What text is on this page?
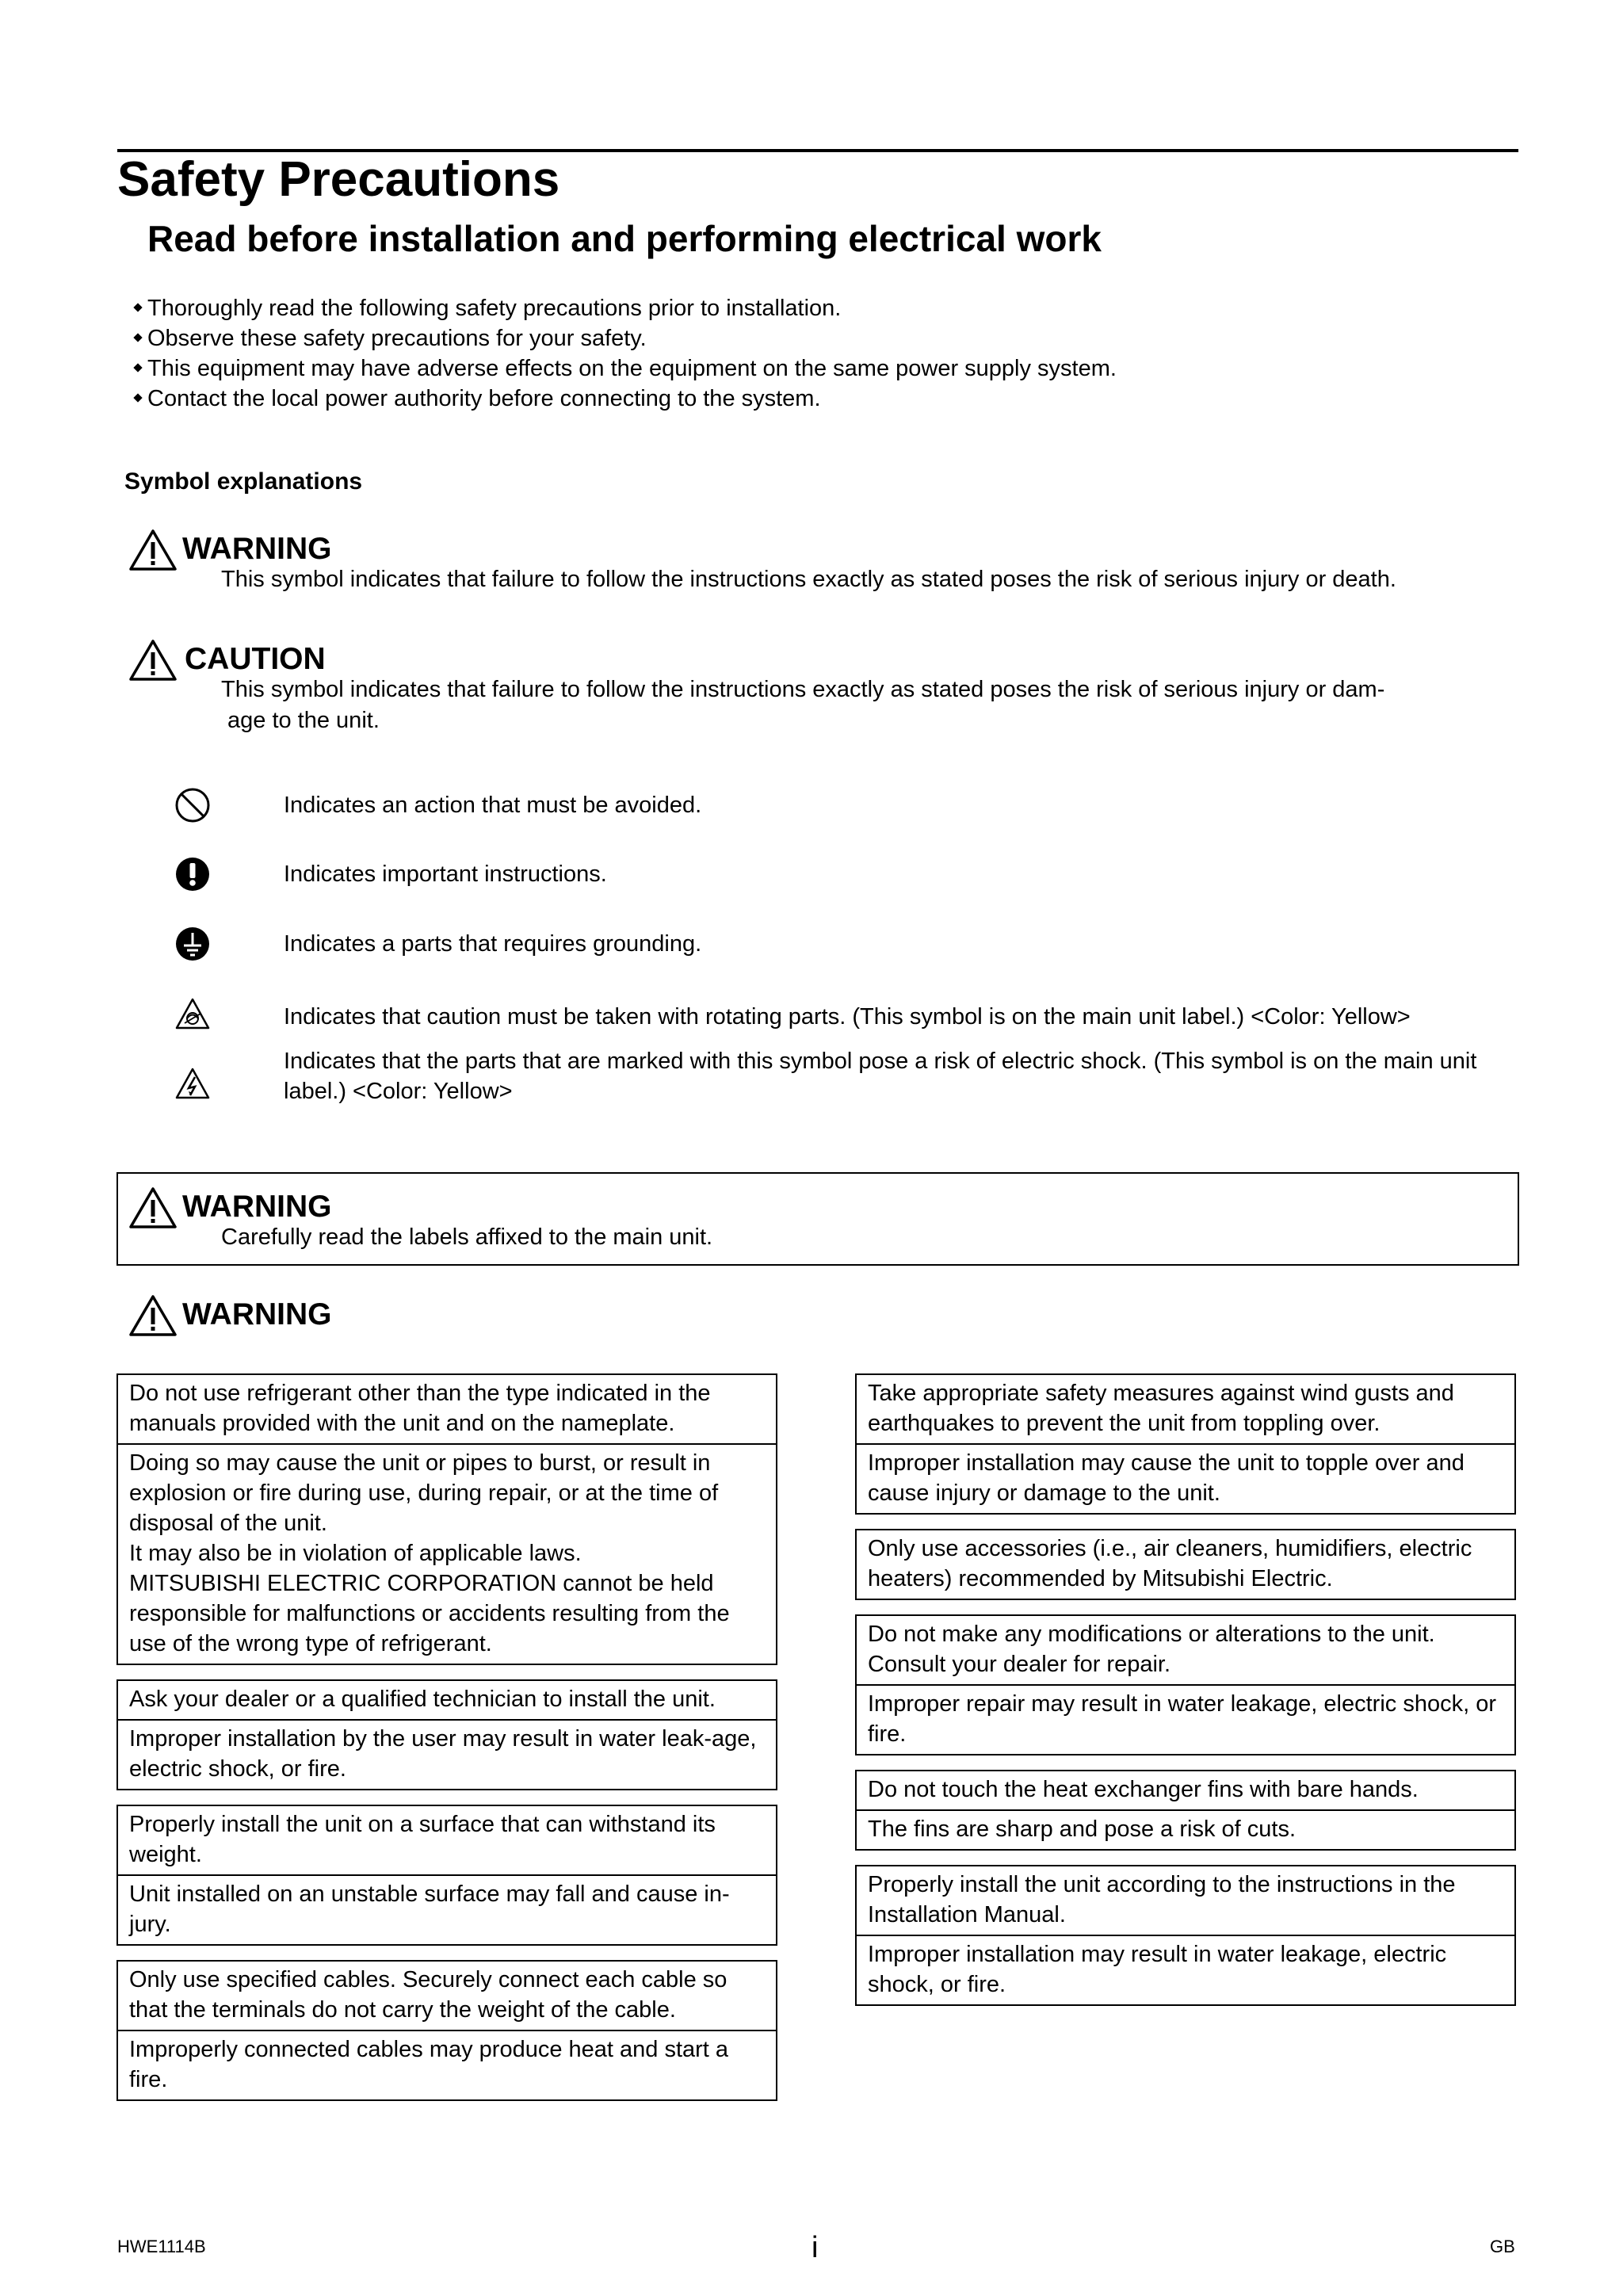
Safety Precautions
Read before installation and performing electrical work
Thoroughly read the following safety precautions prior to installation.
Observe these safety precautions for your safety.
This equipment may have adverse effects on the equipment on the same power supply system.
Contact the local power authority before connecting to the system.
Symbol explanations
WARNING
This symbol indicates that failure to follow the instructions exactly as stated poses the risk of serious injury or death.
CAUTION
This symbol indicates that failure to follow the instructions exactly as stated poses the risk of serious injury or dam-
age to the unit.
Indicates an action that must be avoided.
Indicates important instructions.
Indicates a parts that requires grounding.
Indicates that caution must be taken with rotating parts. (This symbol is on the main unit label.) <Color: Yellow>
Indicates that the parts that are marked with this symbol pose a risk of electric shock. (This symbol is on the main unit label.) <Color: Yellow>
WARNING
Carefully read the labels affixed to the main unit.
WARNING
Do not use refrigerant other than the type indicated in the manuals provided with the unit and on the nameplate.
Doing so may cause the unit or pipes to burst, or result in explosion or fire during use, during repair, or at the time of disposal of the unit.
It may also be in violation of applicable laws.
MITSUBISHI ELECTRIC CORPORATION cannot be held responsible for malfunctions or accidents resulting from the use of the wrong type of refrigerant.
Ask your dealer or a qualified technician to install the unit.
Improper installation by the user may result in water leak-age, electric shock, or fire.
Properly install the unit on a surface that can withstand its weight.
Unit installed on an unstable surface may fall and cause in-jury.
Only use specified cables. Securely connect each cable so that the terminals do not carry the weight of the cable.
Improperly connected cables may produce heat and start a fire.
Take appropriate safety measures against wind gusts and earthquakes to prevent the unit from toppling over.
Improper installation may cause the unit to topple over and cause injury or damage to the unit.
Only use accessories (i.e., air cleaners, humidifiers, electric heaters) recommended by Mitsubishi Electric.
Do not make any modifications or alterations to the unit. Consult your dealer for repair.
Improper repair may result in water leakage, electric shock, or fire.
Do not touch the heat exchanger fins with bare hands.
The fins are sharp and pose a risk of cuts.
Properly install the unit according to the instructions in the Installation Manual.
Improper installation may result in water leakage, electric shock, or fire.
HWE1114B	i	GB
